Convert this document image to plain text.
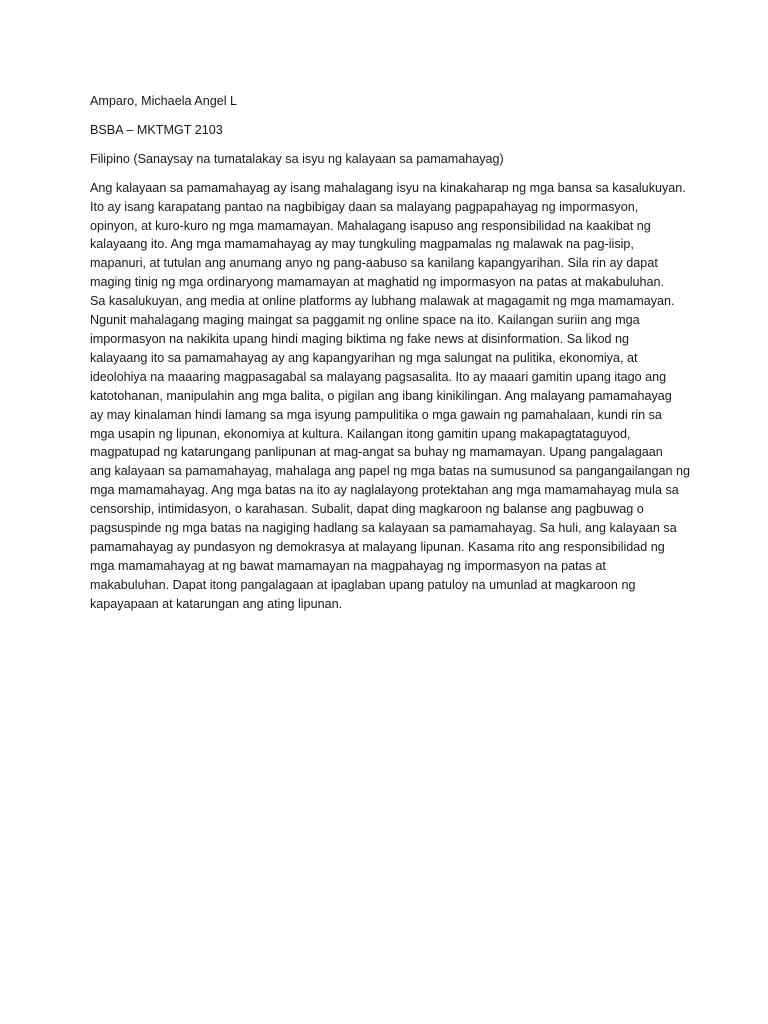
Amparo, Michaela Angel L

BSBA – MKTMGT 2103

Filipino (Sanaysay na tumatalakay sa isyu ng kalayaan sa pamamahayag)

Ang kalayaan sa pamamahayag ay isang mahalagang isyu na kinakaharap ng mga bansa sa kasalukuyan.
Ito ay isang karapatang pantao na nagbibigay daan sa malayang pagpapahayag ng impormasyon,
opinyon, at kuro-kuro ng mga mamamayan. Mahalagang isapuso ang responsibilidad na kaakibat ng
kalayaang ito. Ang mga mamamahayag ay may tungkuling magpamalas ng malawak na pag-iisip,
mapanuri, at tutulan ang anumang anyo ng pang-aabuso sa kanilang kapangyarihan. Sila rin ay dapat
maging tinig ng mga ordinaryong mamamayan at maghatid ng impormasyon na patas at makabuluhan.
Sa kasalukuyan, ang media at online platforms ay lubhang malawak at magagamit ng mga mamamayan.
Ngunit mahalagang maging maingat sa paggamit ng online space na ito. Kailangan suriin ang mga
impormasyon na nakikita upang hindi maging biktima ng fake news at disinformation. Sa likod ng
kalayaang ito sa pamamahayag ay ang kapangyarihan ng mga salungat na pulitika, ekonomiya, at
ideolohiya na maaaring magpasagabal sa malayang pagsasalita. Ito ay maaari gamitin upang itago ang
katotohanan, manipulahin ang mga balita, o pigilan ang ibang kinikilingan. Ang malayang pamamahayag
ay may kinalaman hindi lamang sa mga isyung pampulitika o mga gawain ng pamahalaan, kundi rin sa
mga usapin ng lipunan, ekonomiya at kultura. Kailangan itong gamitin upang makapagtataguyod,
magpatupad ng katarungang panlipunan at mag-angat sa buhay ng mamamayan. Upang pangalagaan
ang kalayaan sa pamamahayag, mahalaga ang papel ng mga batas na sumusunod sa pangangailangan ng
mga mamamahayag. Ang mga batas na ito ay naglalayong protektahan ang mga mamamahayag mula sa
censorship, intimidasyon, o karahasan. Subalit, dapat ding magkaroon ng balanse ang pagbuwag o
pagsuspinde ng mga batas na nagiging hadlang sa kalayaan sa pamamahayag. Sa huli, ang kalayaan sa
pamamahayag ay pundasyon ng demokrasya at malayang lipunan. Kasama rito ang responsibilidad ng
mga mamamahayag at ng bawat mamamayan na magpahayag ng impormasyon na patas at
makabuluhan. Dapat itong pangalagaan at ipaglaban upang patuloy na umunlad at magkaroon ng
kapayapaan at katarungan ang ating lipunan.
